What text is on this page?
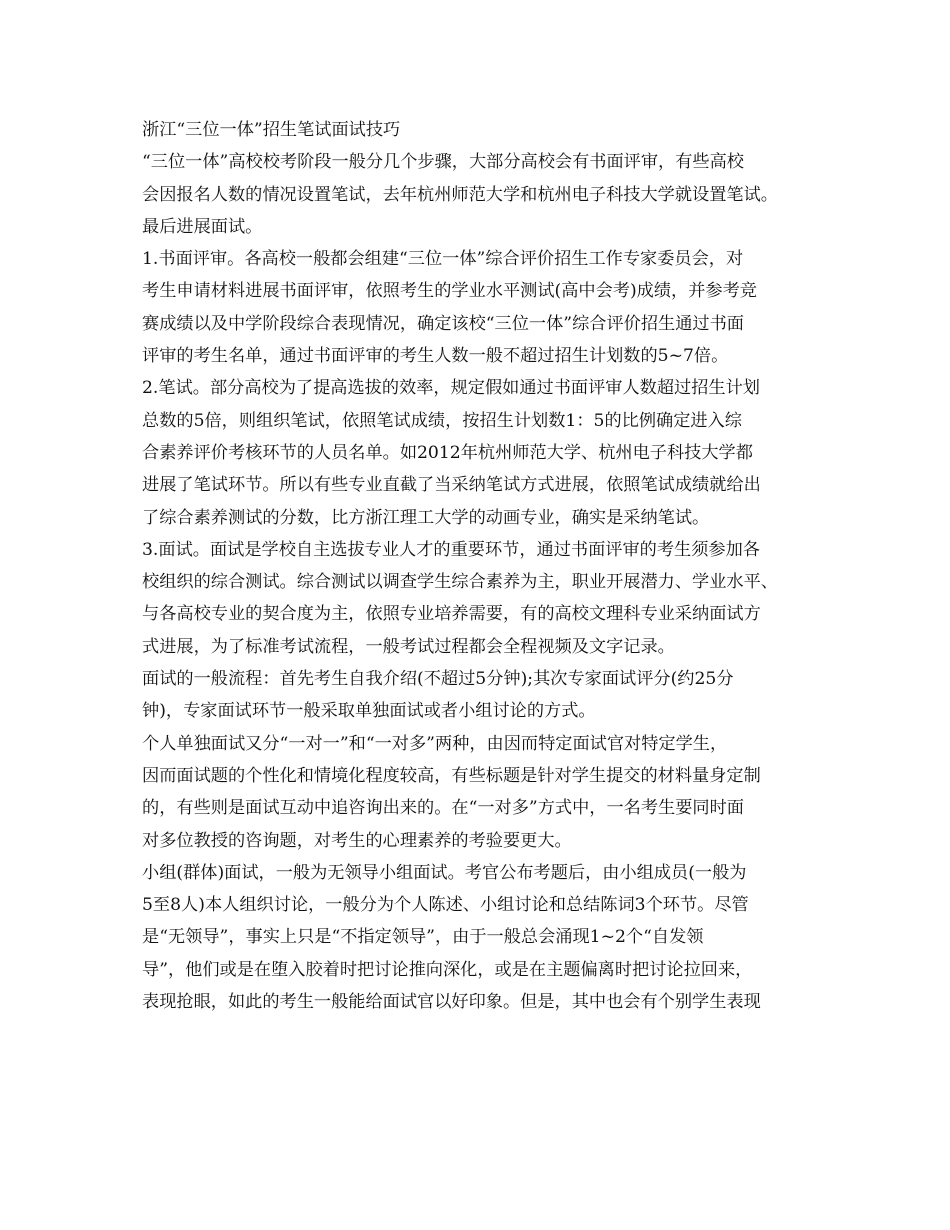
浙江“三位一体”招生笔试面试技巧
“三位一体”高校校考阶段一般分几个步骤，大部分高校会有书面评审，有些高校
会因报名人数的情况设置笔试，去年杭州师范大学和杭州电子科技大学就设置笔试。
最后进展面试。
1.书面评审。各高校一般都会组建“三位一体”综合评价招生工作专家委员会，对
考生申请材料进展书面评审，依照考生的学业水平测试(高中会考)成绩，并参考竞
赛成绩以及中学阶段综合表现情况，确定该校“三位一体”综合评价招生通过书面
评审的考生名单，通过书面评审的考生人数一般不超过招生计划数的5~7倍。
2.笔试。部分高校为了提高选拔的效率，规定假如通过书面评审人数超过招生计划
总数的5倍，则组织笔试，依照笔试成绩，按招生计划数1：5的比例确定进入综
合素养评价考核环节的人员名单。如2012年杭州师范大学、杭州电子科技大学都
进展了笔试环节。所以有些专业直截了当采纳笔试方式进展，依照笔试成绩就给出
了综合素养测试的分数，比方浙江理工大学的动画专业，确实是采纳笔试。
3.面试。面试是学校自主选拔专业人才的重要环节，通过书面评审的考生须参加各
校组织的综合测试。综合测试以调查学生综合素养为主，职业开展潜力、学业水平、
与各高校专业的契合度为主，依照专业培养需要，有的高校文理科专业采纳面试方
式进展，为了标准考试流程，一般考试过程都会全程视频及文字记录。
面试的一般流程：首先考生自我介绍(不超过5分钟);其次专家面试评分(约25分
钟)，专家面试环节一般采取单独面试或者小组讨论的方式。
个人单独面试又分“一对一”和“一对多”两种，由因而特定面试官对特定学生，
因而面试题的个性化和情境化程度较高，有些标题是针对学生提交的材料量身定制
的，有些则是面试互动中追咨询出来的。在“一对多”方式中，一名考生要同时面
对多位教授的咨询题，对考生的心理素养的考验要更大。
小组(群体)面试，一般为无领导小组面试。考官公布考题后，由小组成员(一般为
5至8人)本人组织讨论，一般分为个人陈述、小组讨论和总结陈词3个环节。尽管
是“无领导”，事实上只是“不指定领导”，由于一般总会涌现1~2个“自发领
导”，他们或是在堕入胶着时把讨论推向深化，或是在主题偏离时把讨论拉回来，
表现抢眼，如此的考生一般能给面试官以好印象。但是，其中也会有个别学生表现
